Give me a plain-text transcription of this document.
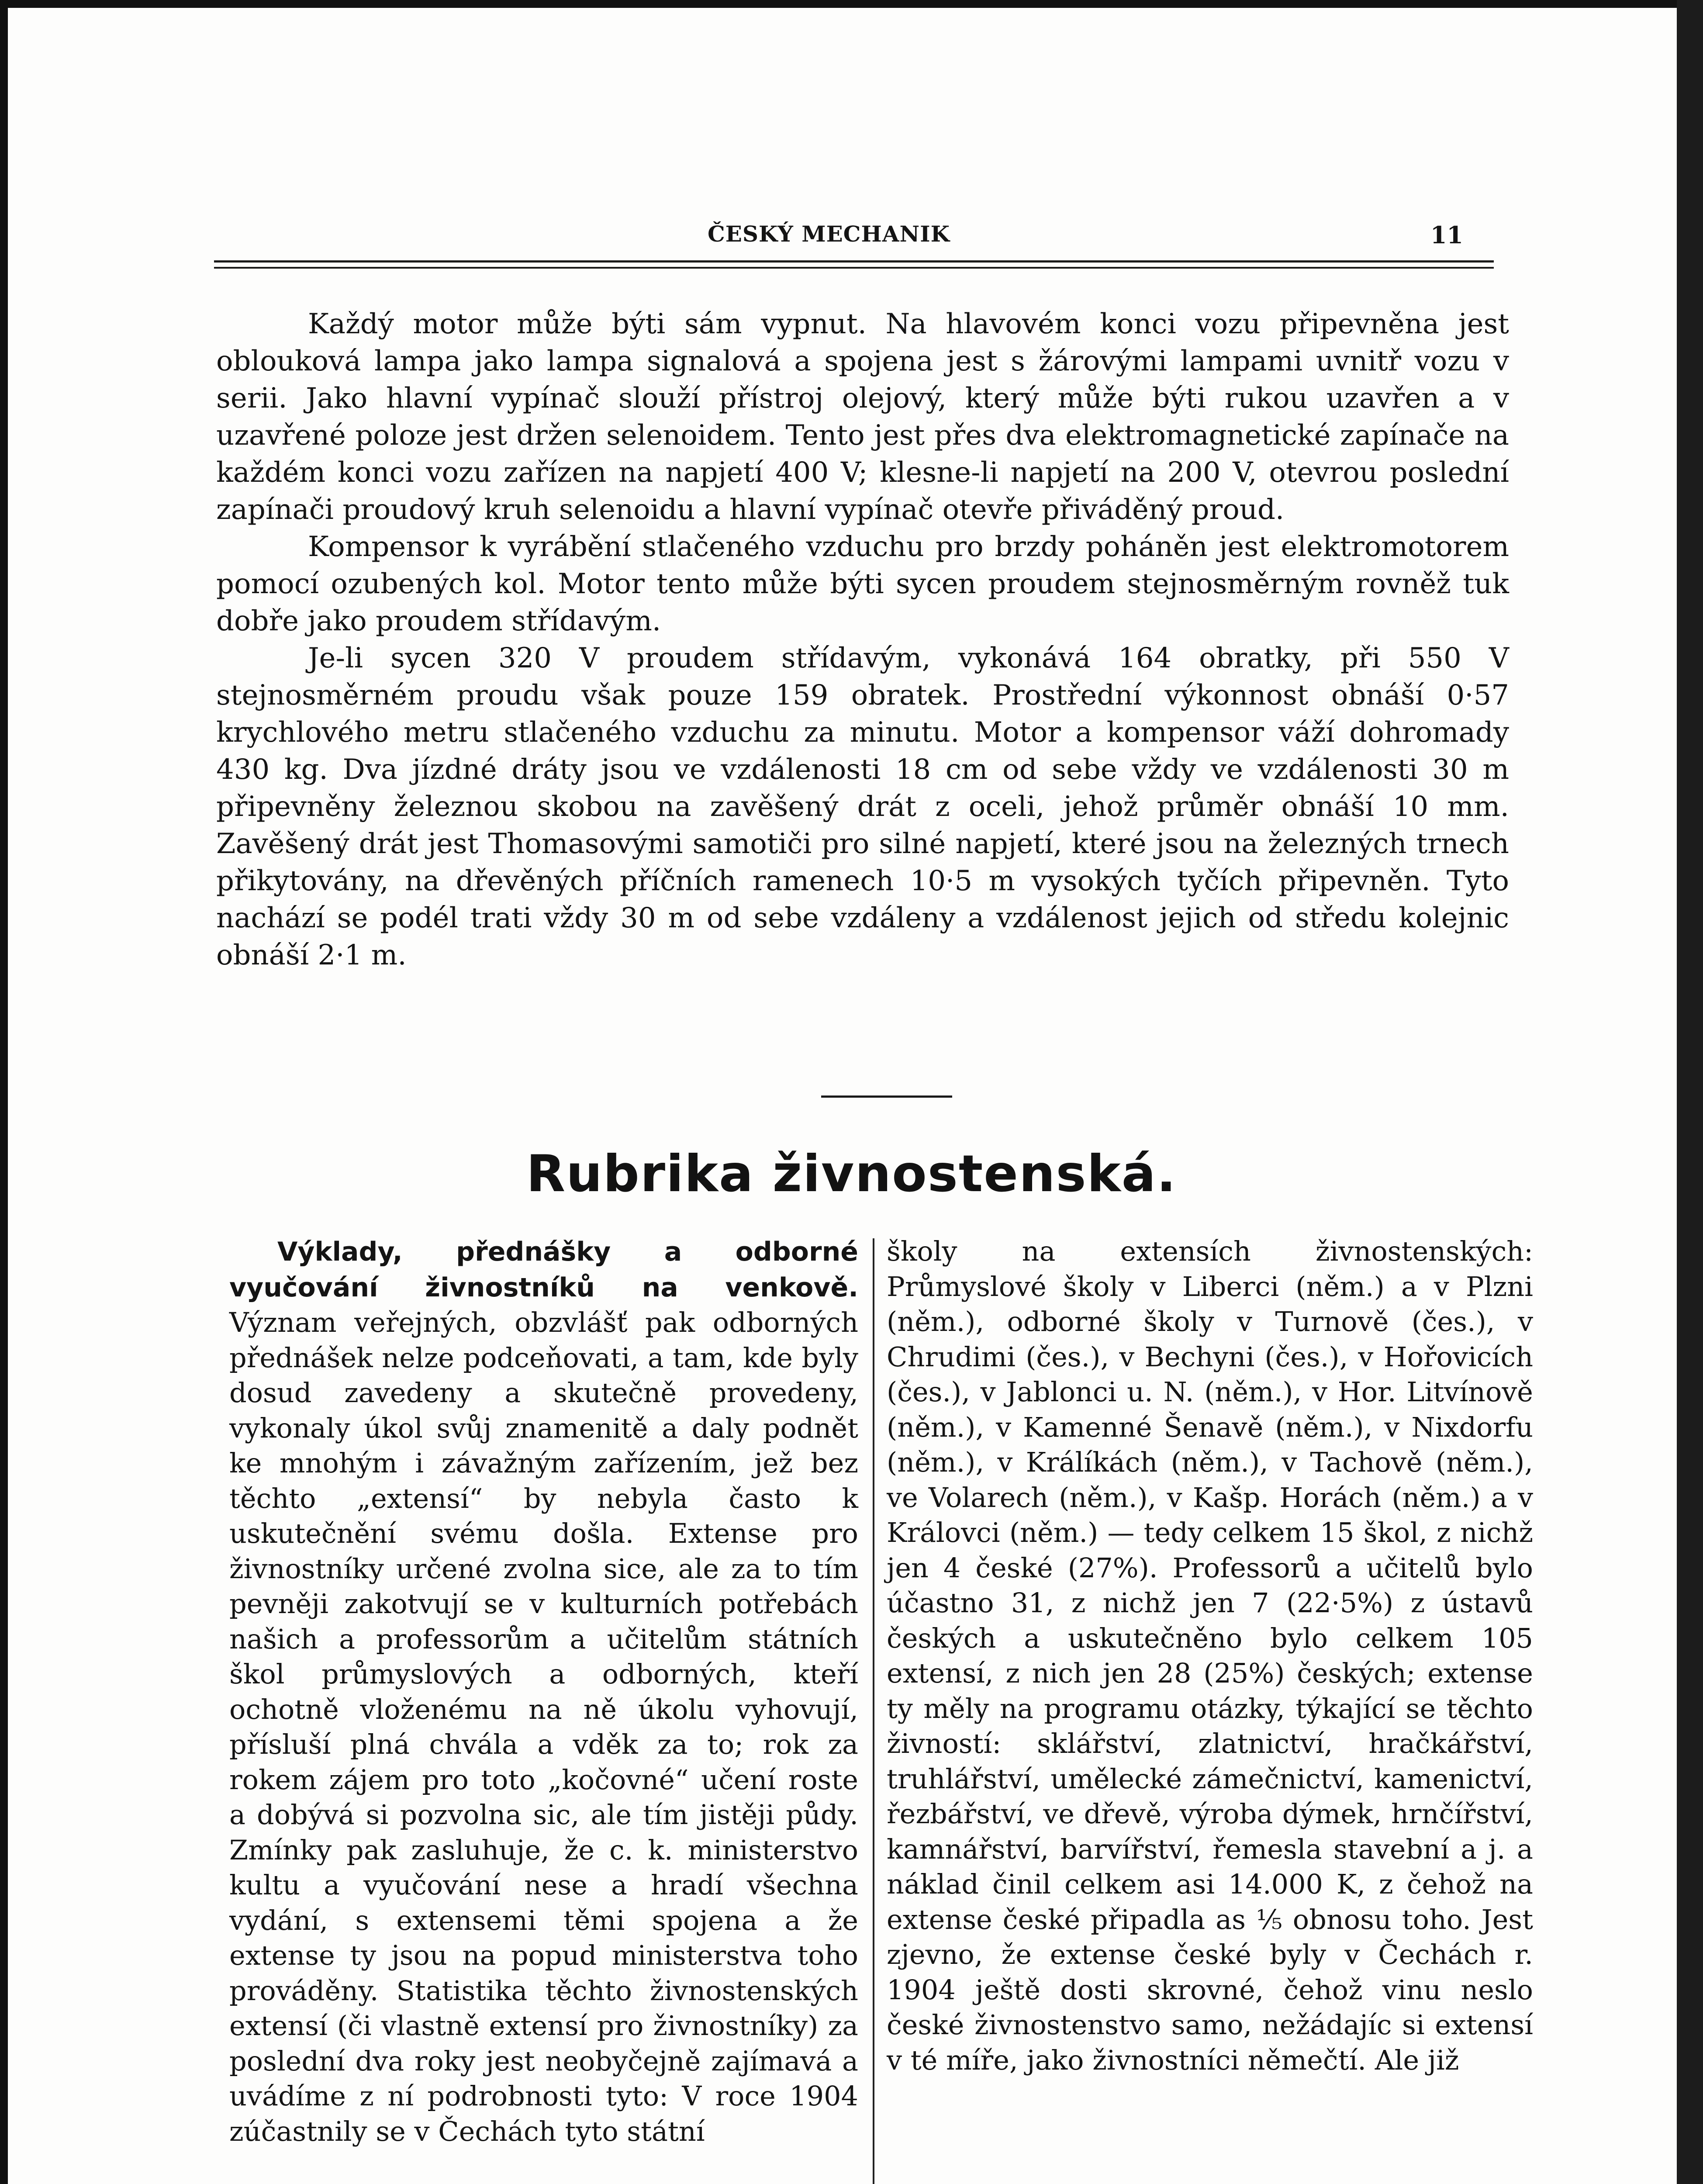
ČESKÝ MECHANIK	11

Každý motor může býti sám vypnut. Na hlavovém konci vozu připevněna jest oblouková lampa jako lampa signalová a spojena jest s žárovými lampami uvnitř vozu v serii. Jako hlavní vypínač slouží přístroj olejový, který může býti rukou uzavřen a v uzavřené poloze jest držen selenoidem. Tento jest přes dva elektromagnetické zapínače na každém konci vozu zařízen na napjetí 400 V; klesne-li napjetí na 200 V, otevrou poslední zapínači proudový kruh selenoidu a hlavní vypínač otevře přiváděný proud.

Kompensor k vyrábění stlačeného vzduchu pro brzdy poháněn jest elektromotorem pomocí ozubených kol. Motor tento může býti sycen proudem stejnosměrným rovněž tuk dobře jako proudem střídavým.

Je-li sycen 320 V proudem střídavým, vykonává 164 obratky, při 550 V stejnosměrném proudu však pouze 159 obratek. Prostřední výkonnost obnáší 0·57 krychlového metru stlačeného vzduchu za minutu. Motor a kompensor váží dohromady 430 kg. Dva jízdné dráty jsou ve vzdálenosti 18 cm od sebe vždy ve vzdálenosti 30 m připevněny železnou skobou na zavěšený drát z oceli, jehož průměr obnáší 10 mm. Zavěšený drát jest Thomasovými samotiči pro silné napjetí, které jsou na železných trnech přikytovány, na dřevěných příčních ramenech 10·5 m vysokých tyčích připevněn. Tyto nachází se podél trati vždy 30 m od sebe vzdáleny a vzdálenost jejich od středu kolejnic obnáší 2·1 m.

Rubrika živnostenská.

Výklady, přednášky a odborné vyučování živnostníků na venkově. Význam veřejných, obzvlášť pak odborných přednášek nelze podceňovati, a tam, kde byly dosud zavedeny a skutečně provedeny, vykonaly úkol svůj znamenitě a daly podnět ke mnohým i závažným zařízením, jež bez těchto „extensí“ by nebyla často k uskutečnění svému došla. Extense pro živnostníky určené zvolna sice, ale za to tím pevněji zakotvují se v kulturních potřebách našich a professorům a učitelům státních škol průmyslových a odborných, kteří ochotně vloženému na ně úkolu vyhovují, přísluší plná chvála a vděk za to; rok za rokem zájem pro toto „kočovné“ učení roste a dobývá si pozvolna sic, ale tím jistěji půdy. Zmínky pak zasluhuje, že c. k. ministerstvo kultu a vyučování nese a hradí všechna vydání, s extensemi těmi spojena a že extense ty jsou na popud ministerstva toho prováděny. Statistika těchto živnostenských extensí (či vlastně extensí pro živnostníky) za poslední dva roky jest neobyčejně zajímavá a uvádíme z ní podrobnosti tyto: V roce 1904 zúčastnily se v Čechách tyto státní

školy na extensích živnostenských: Průmyslové školy v Liberci (něm.) a v Plzni (něm.), odborné školy v Turnově (čes.), v Chrudimi (čes.), v Bechyni (čes.), v Hořovicích (čes.), v Jablonci u. N. (něm.), v Hor. Litvínově (něm.), v Kamenné Šenavě (něm.), v Nixdorfu (něm.), v Králíkách (něm.), v Tachově (něm.), ve Volarech (něm.), v Kašp. Horách (něm.) a v Královci (něm.) — tedy celkem 15 škol, z nichž jen 4 české (27%). Professorů a učitelů bylo účastno 31, z nichž jen 7 (22·5%) z ústavů českých a uskutečněno bylo celkem 105 extensí, z nich jen 28 (25%) českých; extense ty měly na programu otázky, týkající se těchto živností: sklářství, zlatnictví, hračkářství, truhlářství, umělecké zámečnictví, kamenictví, řezbářství, ve dřevě, výroba dýmek, hrnčířství, kamnářství, barvířství, řemesla stavební a j. a náklad činil celkem asi 14.000 K, z čehož na extense české připadla as ⅕ obnosu toho. Jest zjevno, že extense české byly v Čechách r. 1904 ještě dosti skrovné, čehož vinu neslo české živnostenstvo samo, nežádajíc si extensí v té míře, jako živnostníci němečtí. Ale již
